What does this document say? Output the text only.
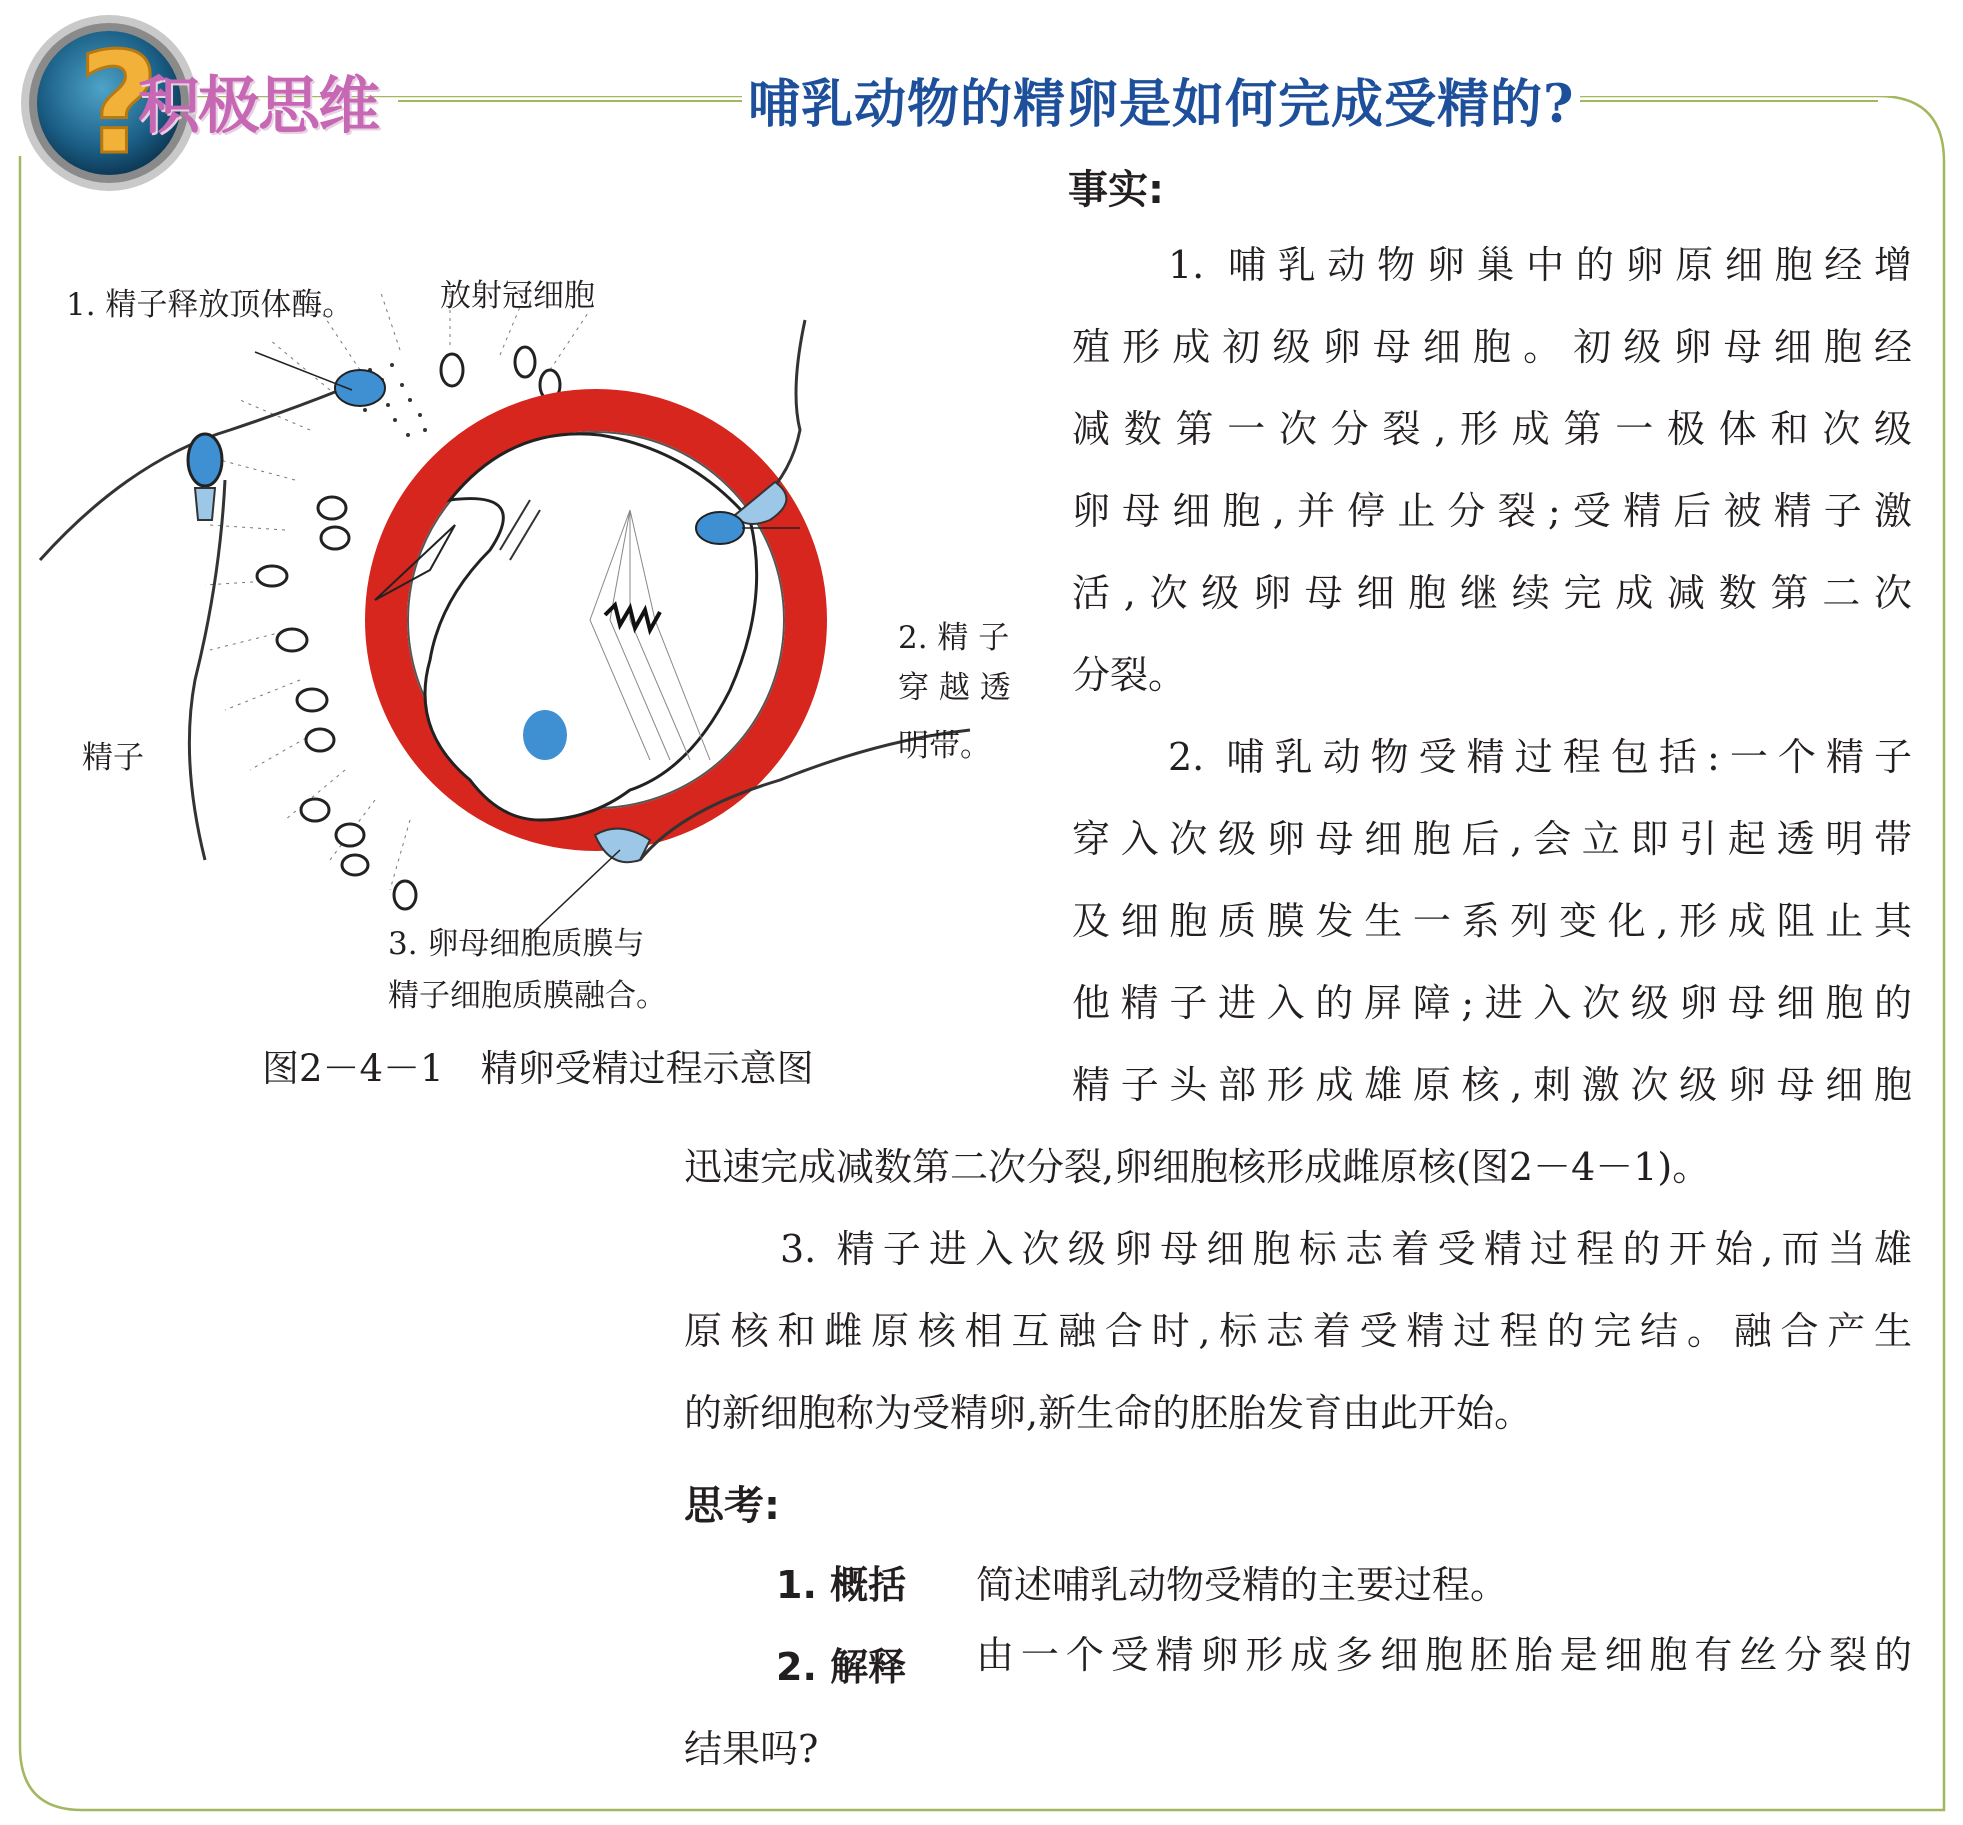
?
积极思维	哺乳动物的精卵是如何完成受精的?
1. 精子释放顶体酶。	放射冠细胞
精子
2. 精 子
穿 越 透
明带。
3. 卵母细胞质膜与
精子细胞质膜融合。
图2－4－1　精卵受精过程示意图
事实:

1. 哺乳动物卵巢中的卵原细胞经增

殖形成初级卵母细胞。初级卵母细胞经

减数第一次分裂,形成第一极体和次级

卵母细胞,并停止分裂;受精后被精子激

活,次级卵母细胞继续完成减数第二次

分裂。

2. 哺乳动物受精过程包括:一个精子

穿入次级卵母细胞后,会立即引起透明带

及细胞质膜发生一系列变化,形成阻止其

他精子进入的屏障;进入次级卵母细胞的

精子头部形成雄原核,刺激次级卵母细胞

迅速完成减数第二次分裂,卵细胞核形成雌原核(图2－4－1)。

3. 精子进入次级卵母细胞标志着受精过程的开始,而当雄

原核和雌原核相互融合时,标志着受精过程的完结。融合产生

的新细胞称为受精卵,新生命的胚胎发育由此开始。

思考:
1. 概括 简述哺乳动物受精的主要过程。
2. 解释 由一个受精卵形成多细胞胚胎是细胞有丝分裂的

结果吗?
